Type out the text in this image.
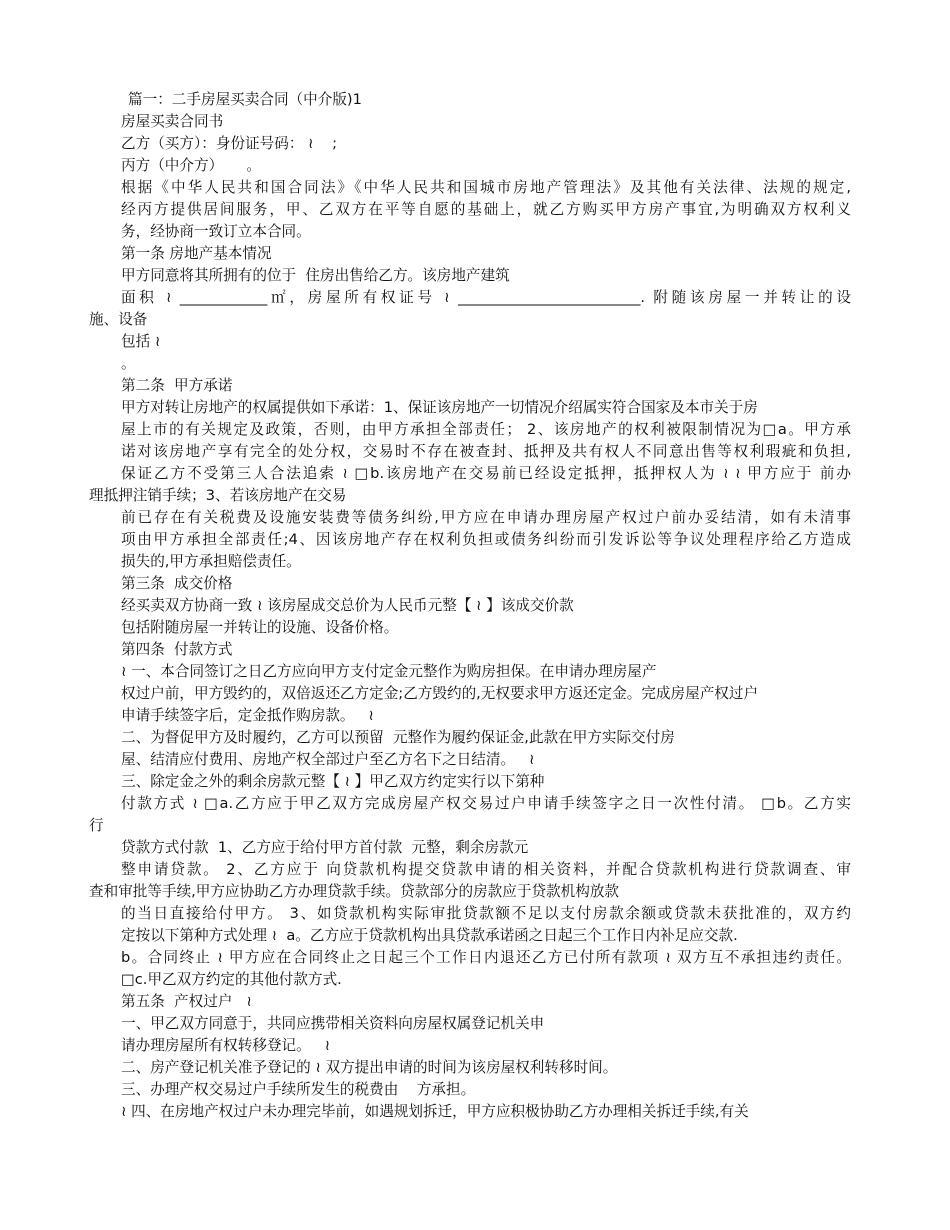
篇一：二手房屋买卖合同（中介版)1

房屋买卖合同书

乙方（买方）：身份证号码： ≀    ;

丙方（中介方）     。

根据《中华人民共和国合同法》《中华人民共和国城市房地产管理法》及其他有关法律、法规的规定,

经丙方提供居间服务，甲、乙双方在平等自愿的基础上，就乙方购买甲方房产事宜,为明确双方权利义

务，经协商一致订立本合同。

第一条 房地产基本情况

甲方同意将其所拥有的位于  住房出售给乙方。该房地产建筑

面积 ≀ ____________㎡，房屋所有权证号 ≀ _________________________. 附随该房屋一并转让的设

施、设备

包括 ≀

。

第二条  甲方承诺

甲方对转让房地产的权属提供如下承诺：1、保证该房地产一切情况介绍属实符合国家及本市关于房

屋上市的有关规定及政策，否则，由甲方承担全部责任； 2、该房地产的权利被限制情况为□a。甲方承

诺对该房地产享有完全的处分权，交易时不存在被查封、抵押及共有权人不同意出售等权利瑕疵和负担,

保证乙方不受第三人合法追索 ≀ □b.该房地产在交易前已经设定抵押，抵押权人为 ≀ ≀ 甲方应于 前办

理抵押注销手续；3、若该房地产在交易

前已存在有关税费及设施安装费等债务纠纷,甲方应在申请办理房屋产权过户前办妥结清，如有未清事

项由甲方承担全部责任;4、因该房地产存在权利负担或债务纠纷而引发诉讼等争议处理程序给乙方造成

损失的,甲方承担赔偿责任。

第三条  成交价格

经买卖双方协商一致 ≀ 该房屋成交总价为人民币元整【 ≀ 】该成交价款

包括附随房屋一并转让的设施、设备价格。

第四条  付款方式

≀ 一、本合同签订之日乙方应向甲方支付定金元整作为购房担保。在申请办理房屋产

权过户前，甲方毁约的，双倍返还乙方定金;乙方毁约的,无权要求甲方返还定金。完成房屋产权过户

申请手续签字后，定金抵作购房款。   ≀

二、为督促甲方及时履约，乙方可以预留  元整作为履约保证金,此款在甲方实际交付房

屋、结清应付费用、房地产权全部过户至乙方名下之日结清。   ≀

三、除定金之外的剩余房款元整【 ≀ 】甲乙双方约定实行以下第种

付款方式 ≀ □a.乙方应于甲乙双方完成房屋产权交易过户申请手续签字之日一次性付清。 □b。乙方实

行

贷款方式付款  1、乙方应于给付甲方首付款  元整，剩余房款元

整申请贷款。 2、乙方应于 向贷款机构提交贷款申请的相关资料，并配合贷款机构进行贷款调查、审

查和审批等手续,甲方应协助乙方办理贷款手续。贷款部分的房款应于贷款机构放款

的当日直接给付甲方。 3、如贷款机构实际审批贷款额不足以支付房款余额或贷款未获批准的，双方约

定按以下第种方式处理 ≀  a。乙方应于贷款机构出具贷款承诺函之日起三个工作日内补足应交款.

b。合同终止 ≀ 甲方应在合同终止之日起三个工作日内退还乙方已付所有款项 ≀ 双方互不承担违约责任。

□c.甲乙双方约定的其他付款方式.

第五条  产权过户   ≀

一、甲乙双方同意于，共同应携带相关资料向房屋权属登记机关申

请办理房屋所有权转移登记。   ≀

二、房产登记机关准予登记的 ≀ 双方提出申请的时间为该房屋权利转移时间。

三、办理产权交易过户手续所发生的税费由    方承担。

≀ 四、在房地产权过户未办理完毕前，如遇规划拆迁，甲方应积极协助乙方办理相关拆迁手续,有关
